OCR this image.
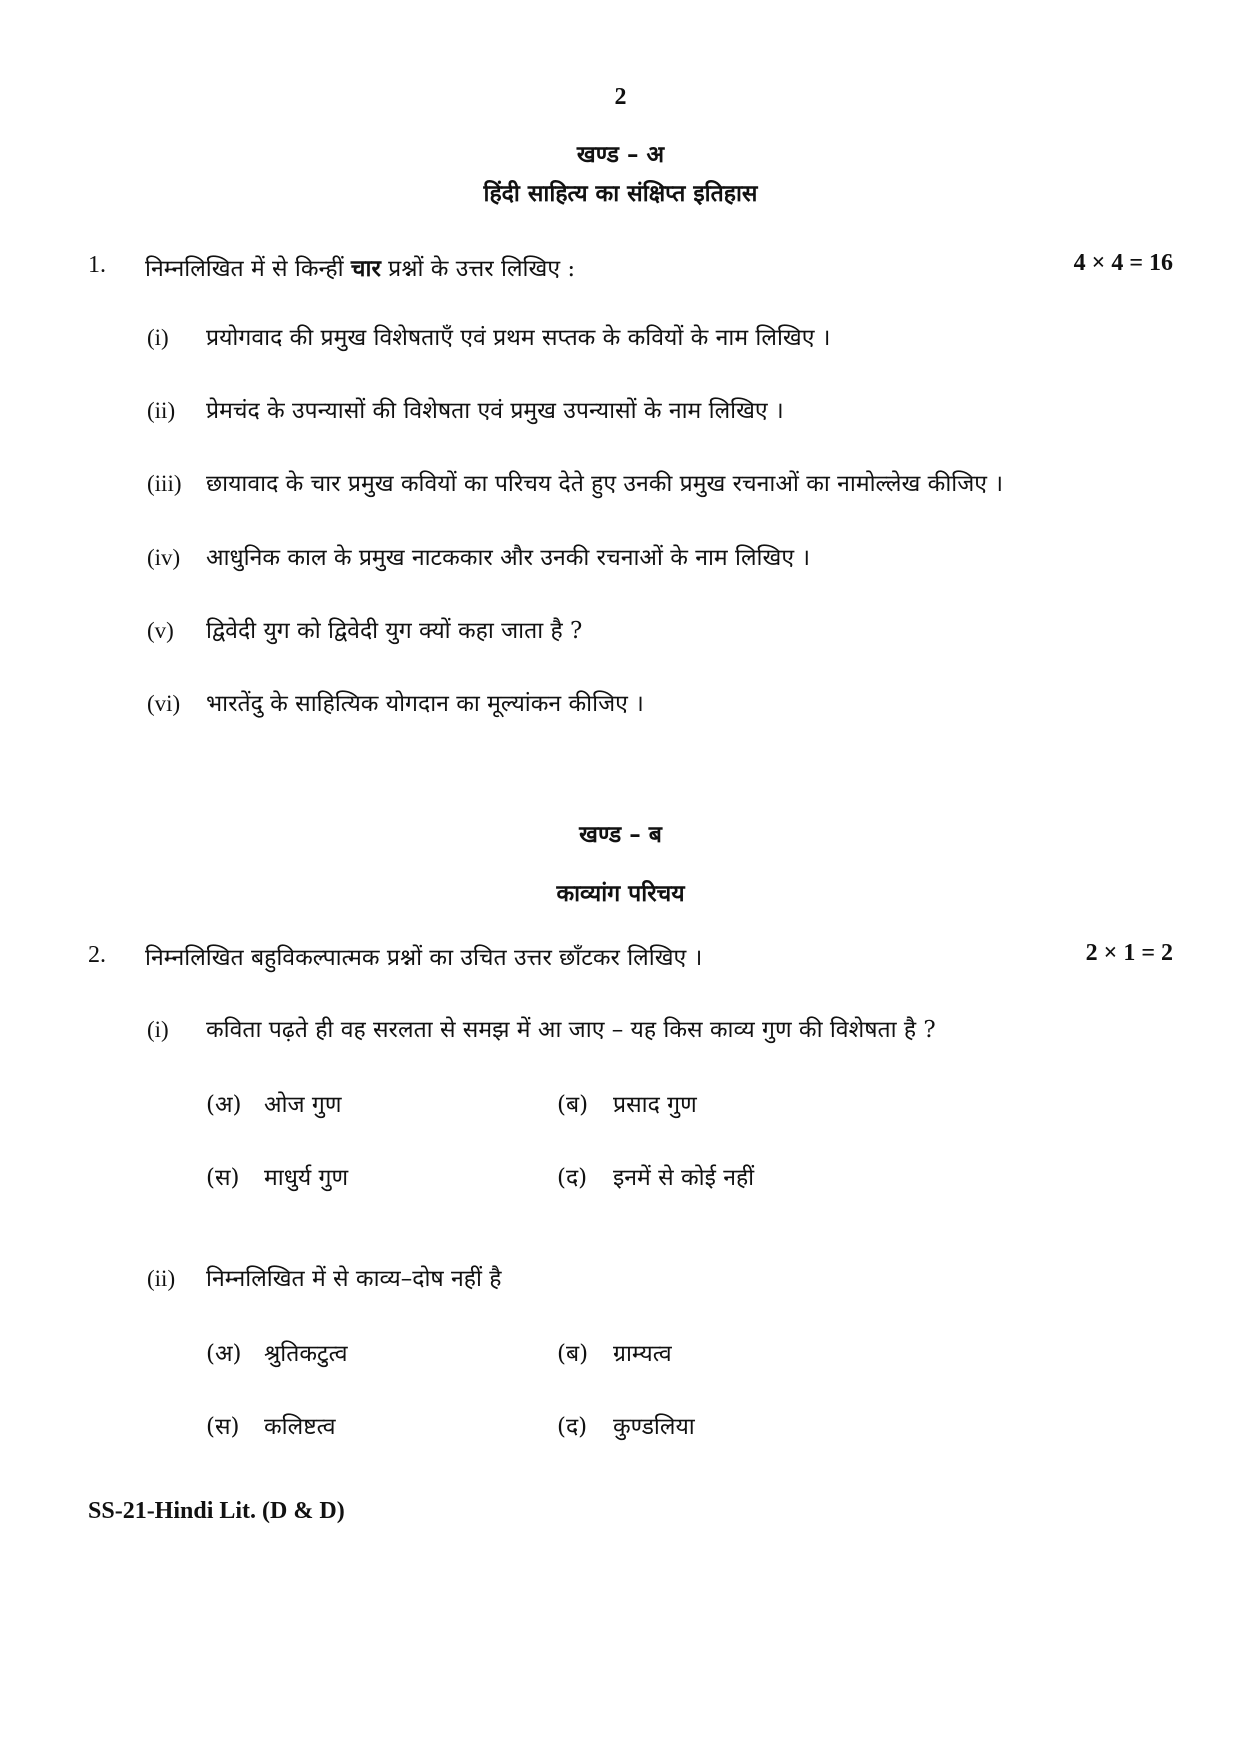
2
खण्ड – अ
हिंदी साहित्य का संक्षिप्त इतिहास
1. निम्नलिखित में से किन्हीं चार प्रश्नों के उत्तर लिखिए :	4 × 4 = 16
(i) प्रयोगवाद की प्रमुख विशेषताएँ एवं प्रथम सप्तक के कवियों के नाम लिखिए ।
(ii) प्रेमचंद के उपन्यासों की विशेषता एवं प्रमुख उपन्यासों के नाम लिखिए ।
(iii) छायावाद के चार प्रमुख कवियों का परिचय देते हुए उनकी प्रमुख रचनाओं का नामोल्लेख कीजिए ।
(iv) आधुनिक काल के प्रमुख नाटककार और उनकी रचनाओं के नाम लिखिए ।
(v) द्विवेदी युग को द्विवेदी युग क्यों कहा जाता है ?
(vi) भारतेंदु के साहित्यिक योगदान का मूल्यांकन कीजिए ।
खण्ड – ब
काव्यांग परिचय
2. निम्नलिखित बहुविकल्पात्मक प्रश्नों का उचित उत्तर छाँटकर लिखिए ।	2 × 1 = 2
(i) कविता पढ़ते ही वह सरलता से समझ में आ जाए – यह किस काव्य गुण की विशेषता है ?
(अ) ओज गुण	(ब) प्रसाद गुण
(स) माधुर्य गुण	(द) इनमें से कोई नहीं
(ii) निम्नलिखित में से काव्य–दोष नहीं है
(अ) श्रुतिकटुत्व	(ब) ग्राम्यत्व
(स) कलिष्टत्व	(द) कुण्डलिया
SS-21-Hindi Lit. (D & D)
